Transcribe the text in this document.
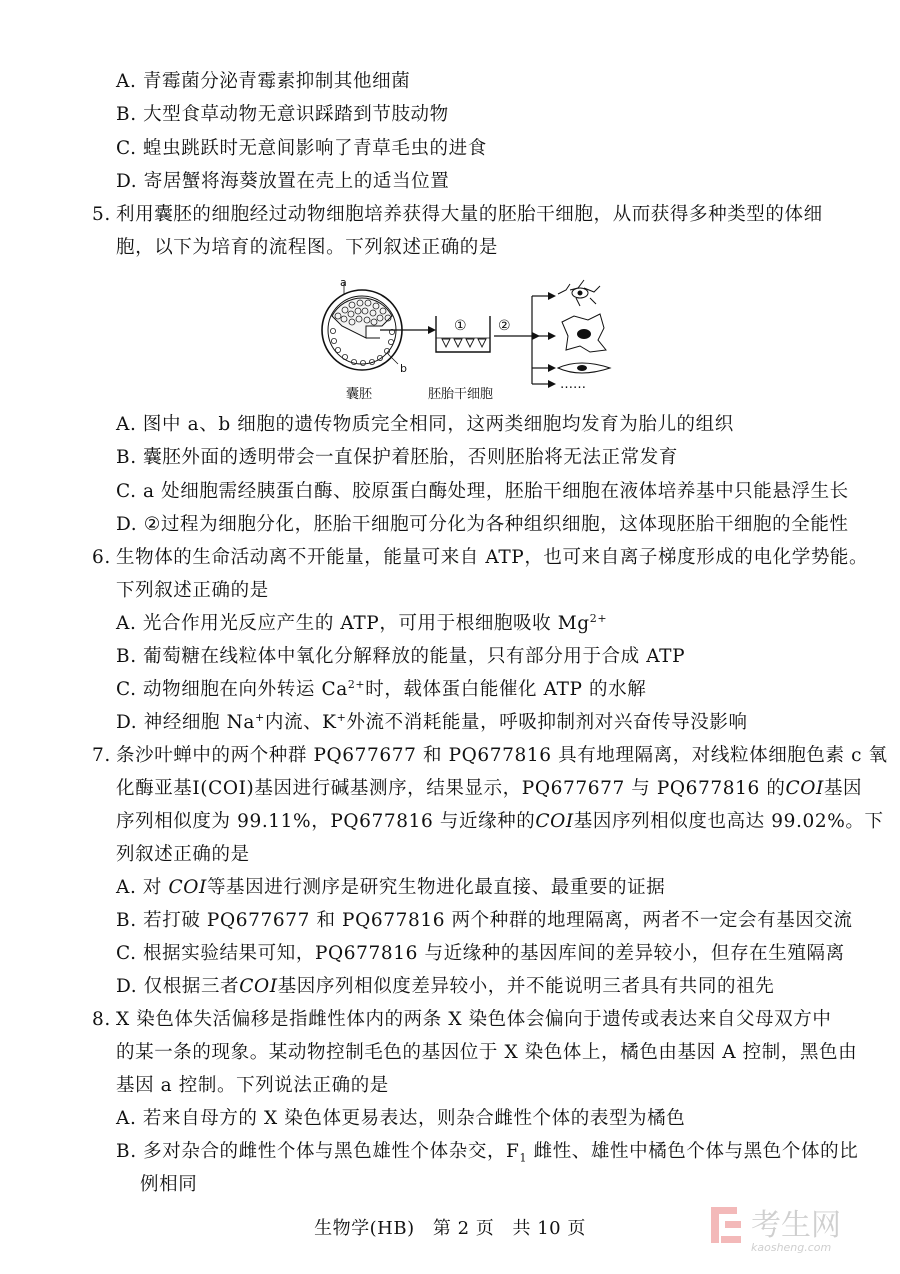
A. 青霉菌分泌青霉素抑制其他细菌
B. 大型食草动物无意识踩踏到节肢动物
C. 蝗虫跳跃时无意间影响了青草毛虫的进食
D. 寄居蟹将海葵放置在壳上的适当位置
5. 利用囊胚的细胞经过动物细胞培养获得大量的胚胎干细胞，从而获得多种类型的体细
胞，以下为培育的流程图。下列叙述正确的是
a
b
囊胚
①
胚胎干细胞
②
……
A. 图中 a、b 细胞的遗传物质完全相同，这两类细胞均发育为胎儿的组织
B. 囊胚外面的透明带会一直保护着胚胎，否则胚胎将无法正常发育
C. a 处细胞需经胰蛋白酶、胶原蛋白酶处理，胚胎干细胞在液体培养基中只能悬浮生长
D. ②过程为细胞分化，胚胎干细胞可分化为各种组织细胞，这体现胚胎干细胞的全能性
6. 生物体的生命活动离不开能量，能量可来自 ATP，也可来自离子梯度形成的电化学势能。
下列叙述正确的是
A. 光合作用光反应产生的 ATP，可用于根细胞吸收 $Mg^{2+}$
B. 葡萄糖在线粒体中氧化分解释放的能量，只有部分用于合成 ATP
C. 动物细胞在向外转运 $Ca^{2+}$时，载体蛋白能催化 ATP 的水解
D. 神经细胞 Na+内流、K+外流不消耗能量，呼吸抑制剂对兴奋传导没影响
7. 条沙叶蝉中的两个种群 PQ677677 和 PQ677816 具有地理隔离，对线粒体细胞色素 c 氧
化酶亚基Ⅰ(COⅠ)基因进行碱基测序，结果显示，PQ677677 与 PQ677816 的COI基因
序列相似度为 99.11%，PQ677816 与近缘种的COI基因序列相似度也高达 99.02%。下
列叙述正确的是
A. 对 COI等基因进行测序是研究生物进化最直接、最重要的证据
B. 若打破 PQ677677 和 PQ677816 两个种群的地理隔离，两者不一定会有基因交流
C. 根据实验结果可知，PQ677816 与近缘种的基因库间的差异较小，但存在生殖隔离
D. 仅根据三者COI基因序列相似度差异较小，并不能说明三者具有共同的祖先
8. X 染色体失活偏移是指雌性体内的两条 X 染色体会偏向于遗传或表达来自父母双方中
的某一条的现象。某动物控制毛色的基因位于 X 染色体上，橘色由基因 A 控制，黑色由
基因 a 控制。下列说法正确的是
A. 若来自母方的 X 染色体更易表达，则杂合雌性个体的表型为橘色
B. 多对杂合的雌性个体与黑色雄性个体杂交，$F_1$ 雌性、雄性中橘色个体与黑色个体的比
例相同
生物学(HB) 第 2 页 共 10 页	考生网
kaosheng.com
